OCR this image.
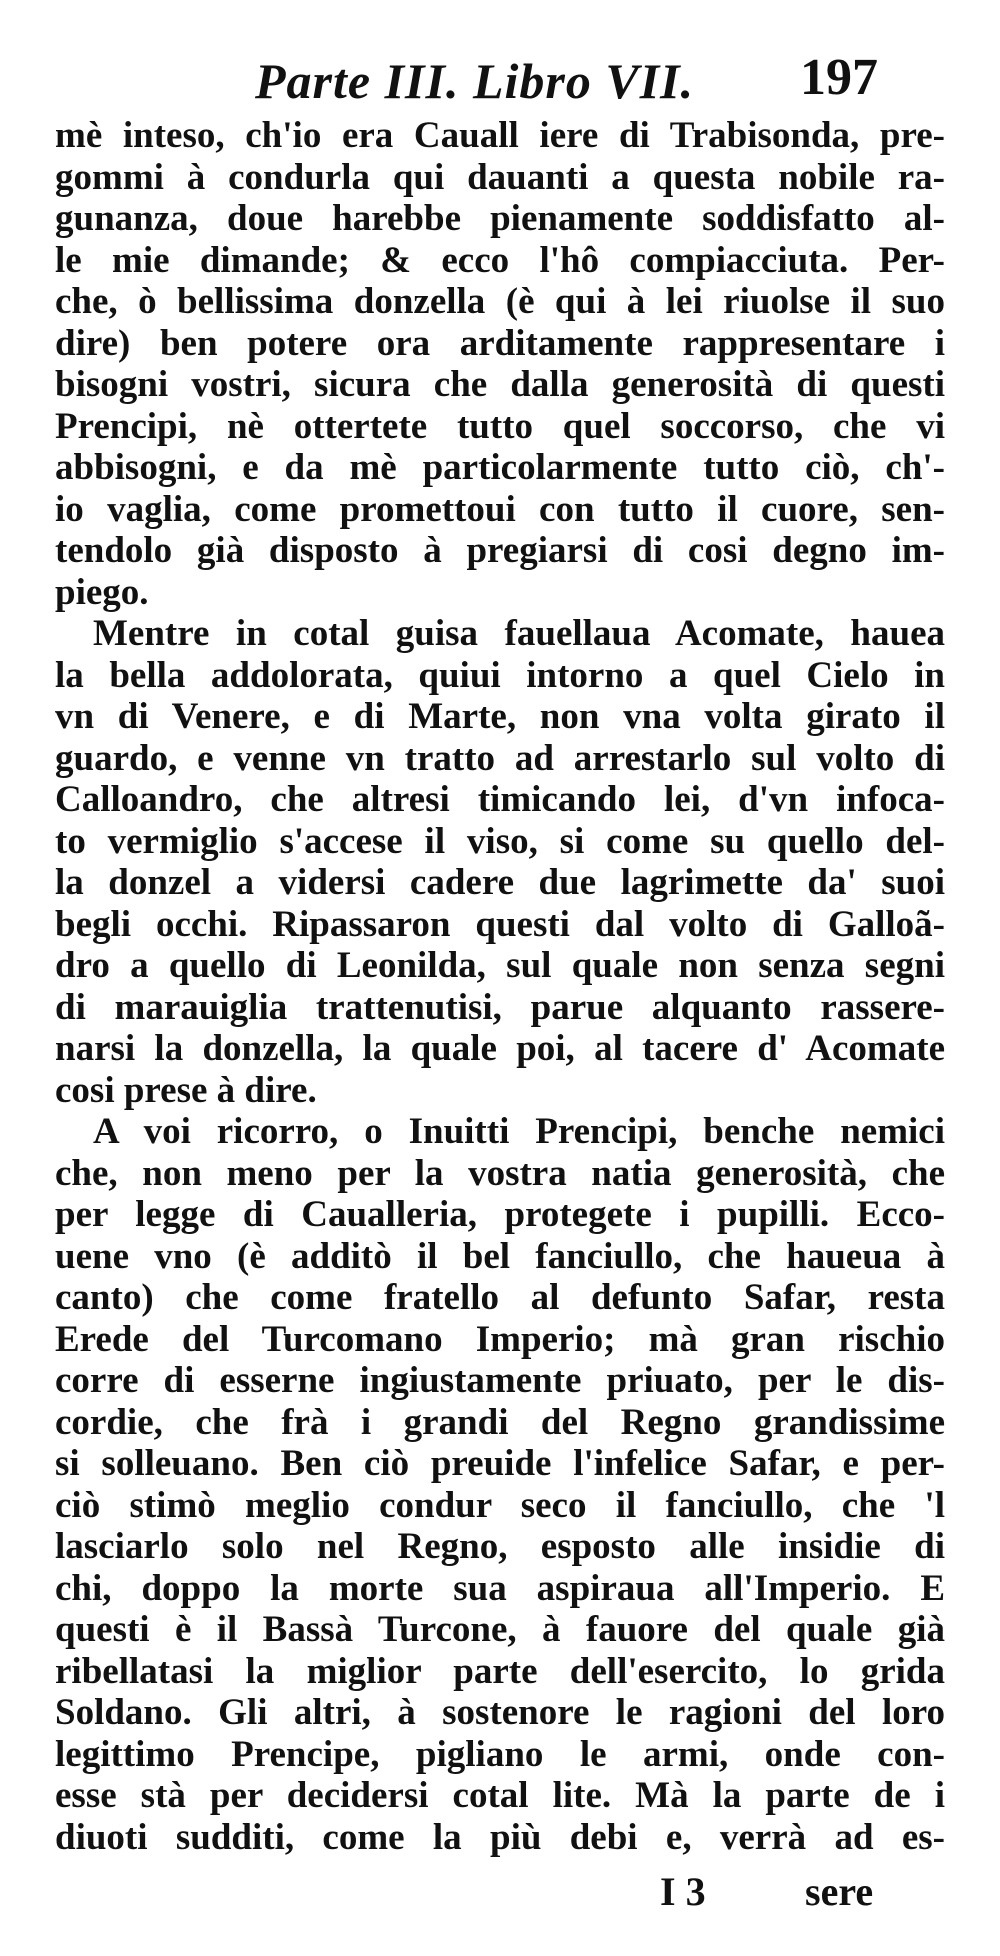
Parte III. Libro VII. 197
mè inteso, ch'io era Cauall iere di Trabisonda, pre-
gommi à condurla qui dauanti a questa nobile ra-
gunanza, doue harebbe pienamente soddisfatto al-
le mie dimande; & ecco l'hô compiacciuta. Per-
che, ò bellissima donzella (è qui à lei riuolse il suo
dire) ben potere ora arditamente rappresentare i
bisogni vostri, sicura che dalla generosità di questi
Prencipi, nè ottertete tutto quel soccorso, che vi
abbisogni, e da mè particolarmente tutto ciò, ch'-
io vaglia, come promettoui con tutto il cuore, sen-
tendolo già disposto à pregiarsi di cosi degno im-
piego.
Mentre in cotal guisa fauellaua Acomate, haueа
la bella addolorata, quiui intorno a quel Cielo in
vn di Venere, e di Marte, non vna volta girato il
guardo, e venne vn tratto ad arrestarlo sul volto di
Calloandro, che altresi timicando lei, d'vn infoca-
to vermiglio s'accese il viso, si come su quello del-
la donzel a vidersi cadere due lagrimette da' suoi
begli occhi. Ripassaron questi dal volto di Galloã-
dro a quello di Leonilda, sul quale non senza segni
di marauiglia trattenutisi, parue alquanto rassere-
narsi la donzella, la quale poi, al tacere d' Acomate
cosi prese à dire.
A voi ricorro, o Inuitti Prencipi, benche nemici
che, non meno per la vostra natia generosità, che
per legge di Caualleria, protegete i pupilli. Ecco-
uene vno (è additò il bel fanciullo, che haueua à
canto) che come fratello al defunto Safar, resta
Erede del Turcomano Imperio; mà gran rischio
corre di esserne ingiustamente priuato, per le dis-
cordie, che frà i grandi del Regno grandissime
si solleuano. Ben ciò preuide l'infelice Safar, e per-
ciò stimò meglio condur seco il fanciullo, che 'l
lasciarlo solo nel Regno, esposto alle insidie di
chi, doppo la morte sua aspiraua all'Imperio. E
questi è il Bassà Turcone, à fauore del quale già
ribellatasi la miglior parte dell'esercito, lo grida
Soldano. Gli altri, à sostenore le ragioni del loro
legittimo Prencipe, pigliano le armi, onde con-
esse stà per decidersi cotal lite. Mà la parte de i
diuoti sudditi, come la più debi e, verrà ad es-
I 3 sere
